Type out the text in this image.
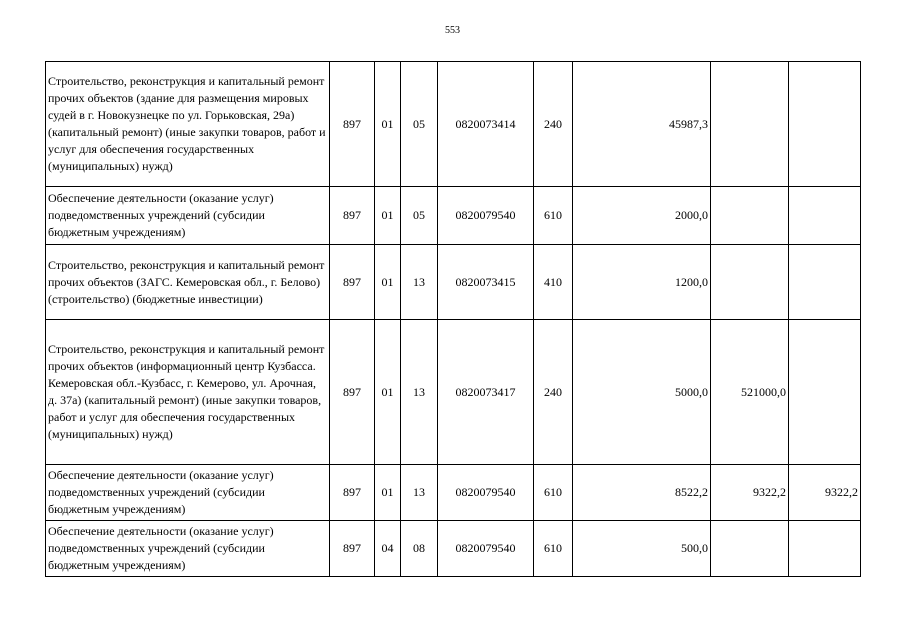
553
Строительство, реконструкция и капитальный ремонт прочих объектов (здание для размещения мировых судей в г. Новокузнецке по ул. Горьковская, 29а) (капитальный ремонт) (иные закупки товаров, работ и услуг для обеспечения государственных (муниципальных) нужд)	897	01	05	0820073414	240	45987,3		
Обеспечение деятельности (оказание услуг) подведомственных учреждений (субсидии бюджетным учреждениям)	897	01	05	0820079540	610	2000,0		
Строительство, реконструкция и капитальный ремонт прочих объектов (ЗАГС. Кемеровская обл., г. Белово) (строительство) (бюджетные инвестиции)	897	01	13	0820073415	410	1200,0		
Строительство, реконструкция и капитальный ремонт прочих объектов (информационный центр Кузбасса. Кемеровская обл.-Кузбасс, г. Кемерово, ул. Арочная, д. 37а) (капитальный ремонт) (иные закупки товаров, работ и услуг для обеспечения государственных (муниципальных) нужд)	897	01	13	0820073417	240	5000,0	521000,0	
Обеспечение деятельности (оказание услуг) подведомственных учреждений (субсидии бюджетным учреждениям)	897	01	13	0820079540	610	8522,2	9322,2	9322,2
Обеспечение деятельности (оказание услуг) подведомственных учреждений (субсидии бюджетным учреждениям)	897	04	08	0820079540	610	500,0		
